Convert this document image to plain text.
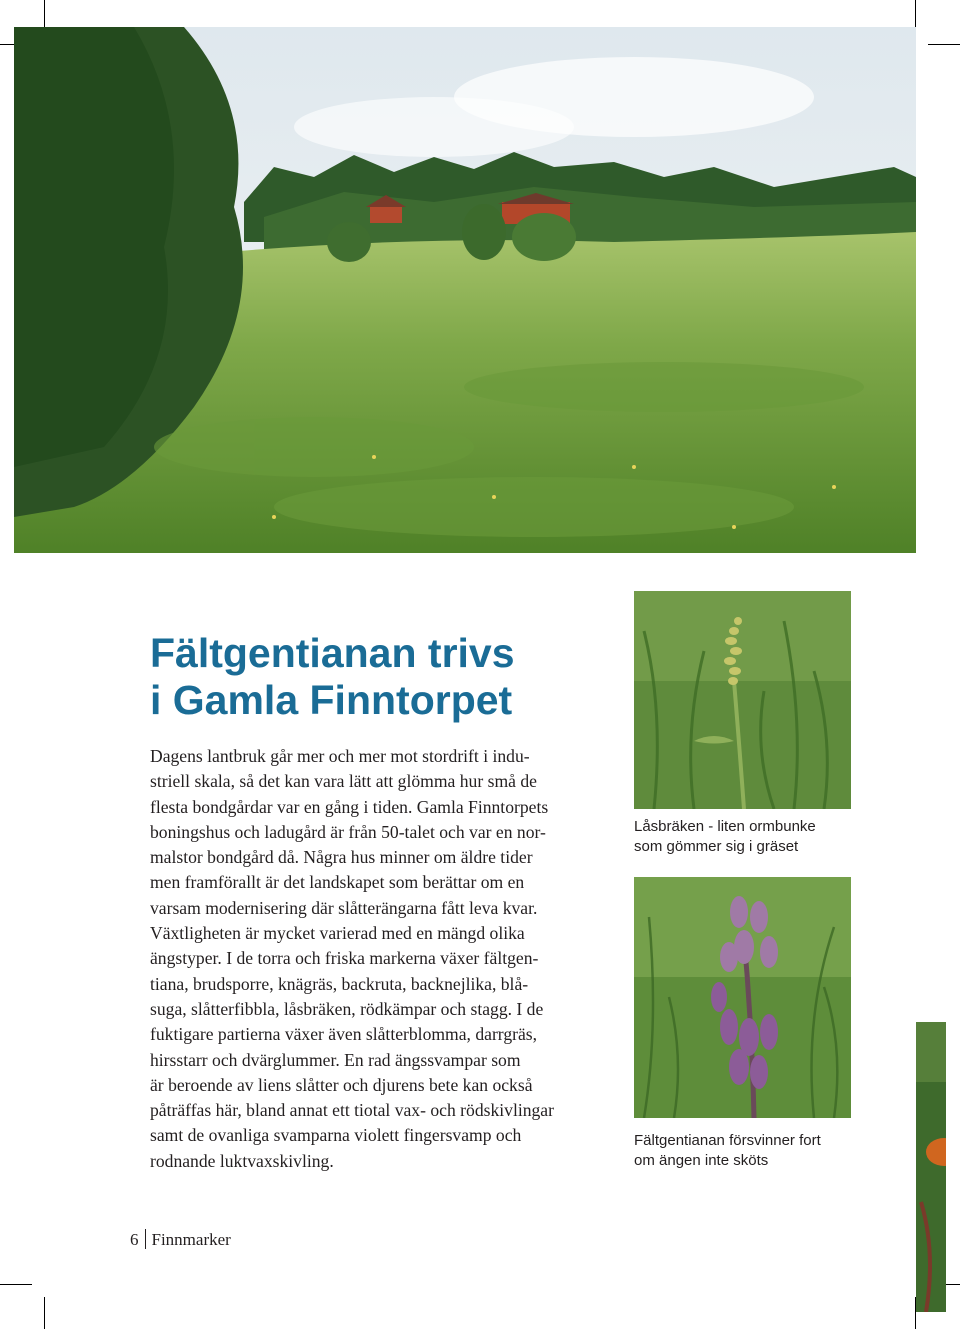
Fältgentianan trivs
i Gamla Finntorpet
Dagens lantbruk går mer och mer mot stordrift i indu-
striell skala, så det kan vara lätt att glömma hur små de
flesta bondgårdar var en gång i tiden. Gamla Finntorpets
boningshus och ladugård är från 50-talet och var en nor-
malstor bondgård då. Några hus minner om äldre tider
men framförallt är det landskapet som berättar om en
varsam modernisering där slåtterängarna fått leva kvar.
Växtligheten är mycket varierad med en mängd olika
ängstyper. I de torra och friska markerna växer fältgen-
tiana, brudsporre, knägräs, backruta, backnejlika, blå-
suga, slåtterfibbla, låsbräken, rödkämpar och stagg. I de
fuktigare partierna växer även slåtterblomma, darrgräs,
hirsstarr och dvärglummer. En rad ängssvampar som
är beroende av liens slåtter och djurens bete kan också
påträffas här, bland annat ett tiotal vax- och rödskivlingar
samt de ovanliga svamparna violett fingersvamp och
rodnande luktvaxskivling.

Låsbräken - liten ormbunke
som gömmer sig i gräset

Fältgentianan försvinner fort
om ängen inte sköts

6 Finnmarker
